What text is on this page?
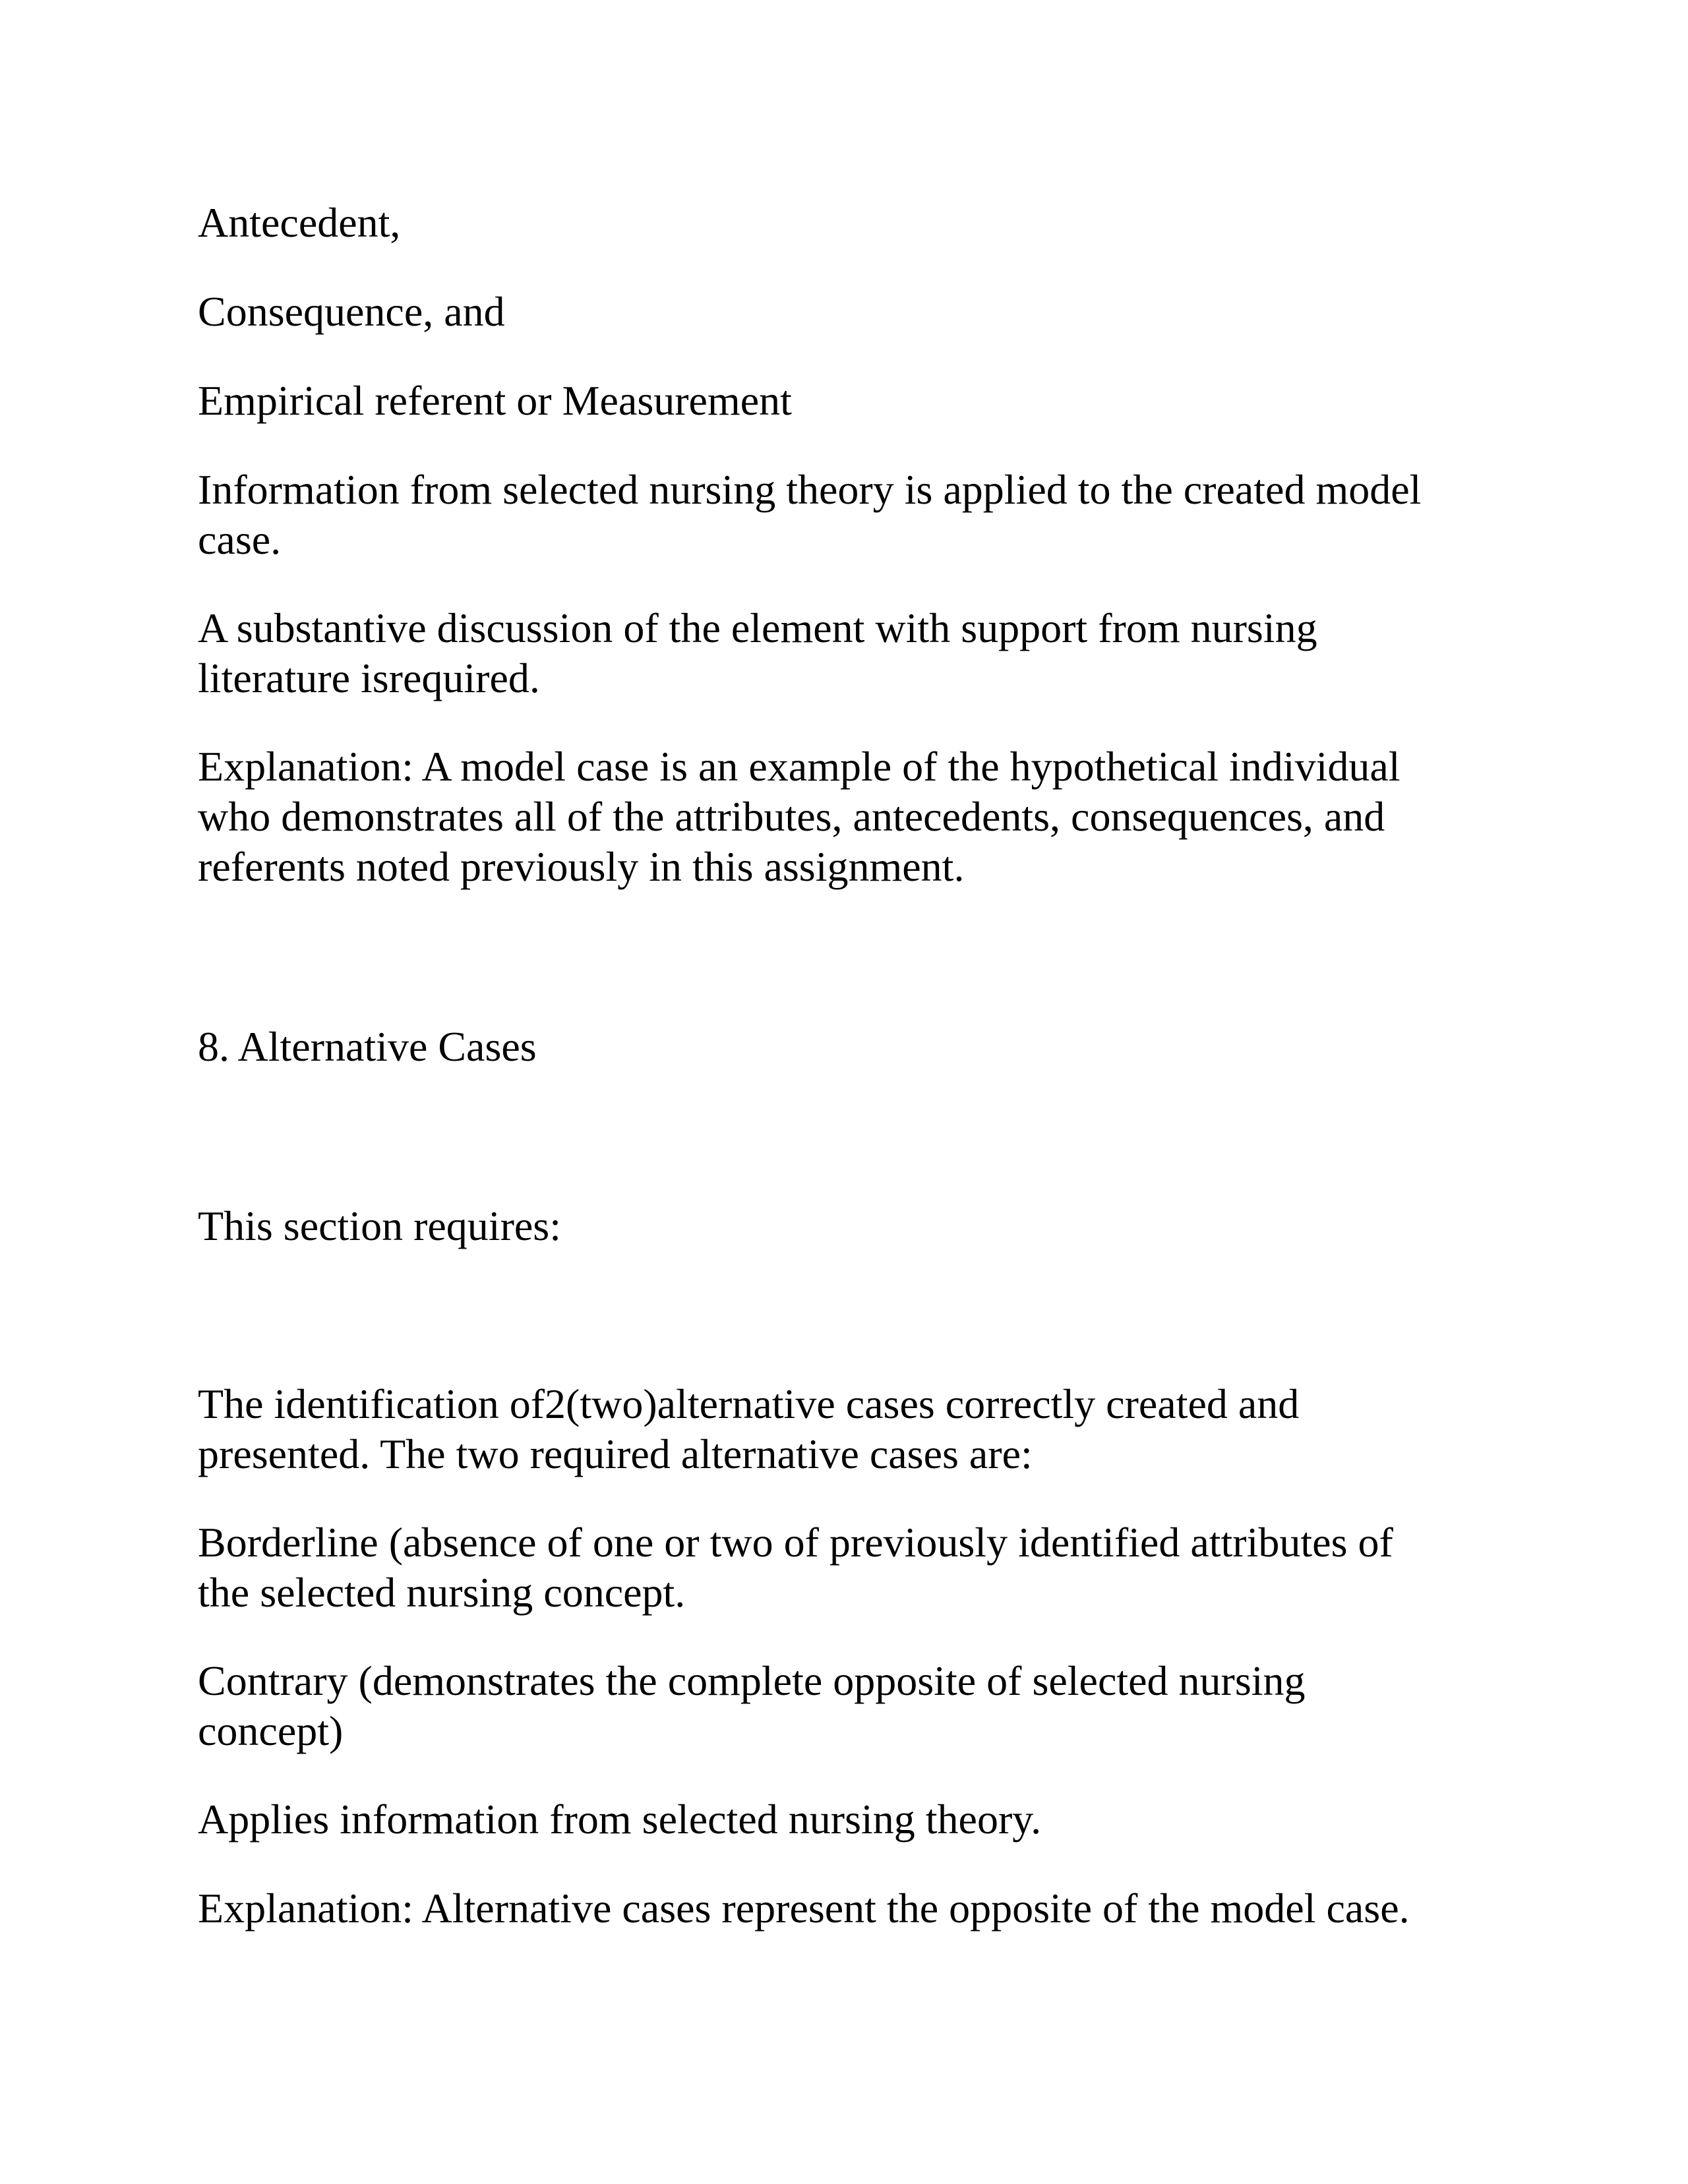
Antecedent,

Consequence, and

Empirical referent or Measurement

Information from selected nursing theory is applied to the created model
case.

A substantive discussion of the element with support from nursing
literature isrequired.

Explanation: A model case is an example of the hypothetical individual
who demonstrates all of the attributes, antecedents, consequences, and
referents noted previously in this assignment.

8. Alternative Cases

This section requires:

The identification of2(two)alternative cases correctly created and
presented. The two required alternative cases are:

Borderline (absence of one or two of previously identified attributes of
the selected nursing concept.

Contrary (demonstrates the complete opposite of selected nursing
concept)

Applies information from selected nursing theory.

Explanation: Alternative cases represent the opposite of the model case.
